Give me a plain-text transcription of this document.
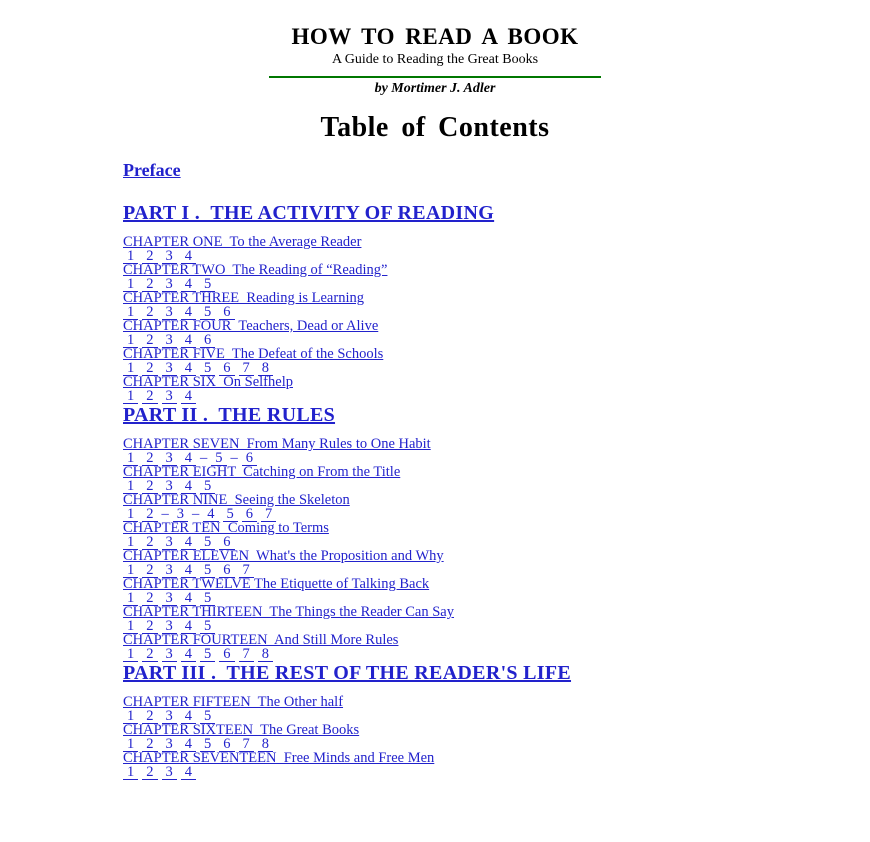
HOW TO READ A BOOK
A Guide to Reading the Great Books
by Mortimer J. Adler
Table of Contents
Preface
PART I .  THE ACTIVITY OF READING
CHAPTER ONE  To the Average Reader
1 2 3 4
CHAPTER TWO  The Reading of “Reading”
1 2 3 4 5
CHAPTER THREE  Reading is Learning
1 2 3 4 5 6
CHAPTER FOUR  Teachers, Dead or Alive
1 2 3 4 6
CHAPTER FIVE  The Defeat of the Schools
1 2 3 4 5 6 7 8
CHAPTER SIX  On Selfhelp
1 2 3 4
PART II .  THE RULES
CHAPTER SEVEN  From Many Rules to One Habit
1 2 3 4 – 5 – 6
CHAPTER EIGHT  Catching on From the Title
1 2 3 4 5
CHAPTER NINE  Seeing the Skeleton
1 2 – 3 – 4 5 6 7
CHAPTER TEN  Coming to Terms
1 2 3 4 5 6
CHAPTER ELEVEN  What's the Proposition and Why
1 2 3 4 5 6 7
CHAPTER TWELVE The Etiquette of Talking Back
1 2 3 4 5
CHAPTER THIRTEEN  The Things the Reader Can Say
1 2 3 4 5
CHAPTER FOURTEEN  And Still More Rules
1 2 3 4 5 6 7 8
PART III .  THE REST OF THE READER'S LIFE
CHAPTER FIFTEEN  The Other half
1 2 3 4 5
CHAPTER SIXTEEN  The Great Books
1 2 3 4 5 6 7 8
CHAPTER SEVENTEEN  Free Minds and Free Men
1 2 3 4
